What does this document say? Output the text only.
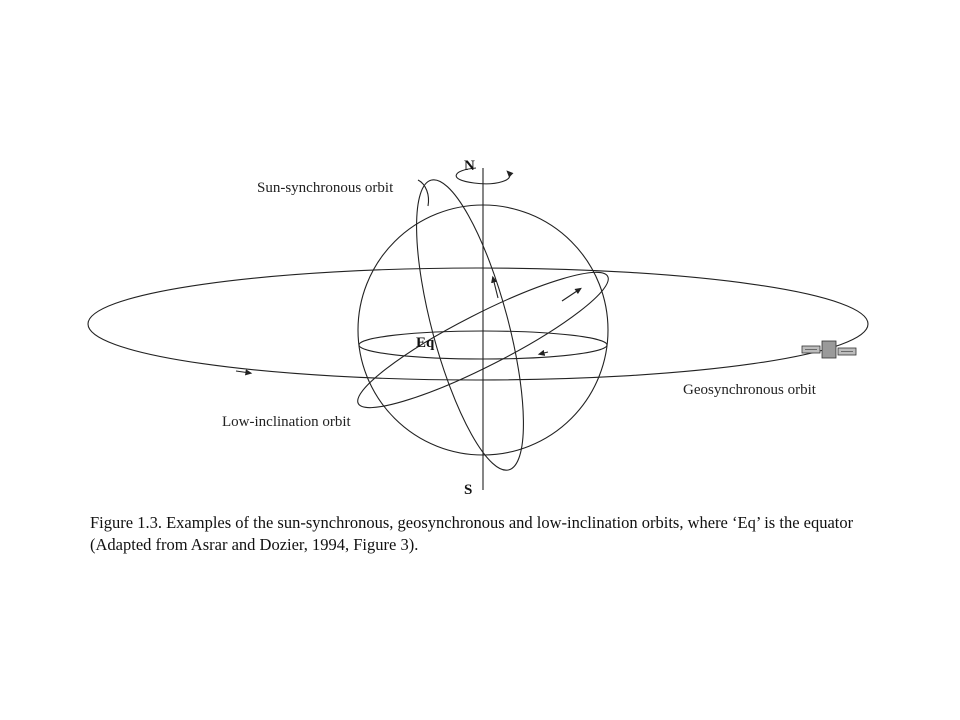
N
S
Eq
Sun-synchronous orbit
Geosynchronous orbit
Low-inclination orbit

Figure 1.3. Examples of the sun-synchronous, geosynchronous and low-inclination orbits, where ‘Eq’ is the equator (Adapted from Asrar and Dozier, 1994, Figure 3).
